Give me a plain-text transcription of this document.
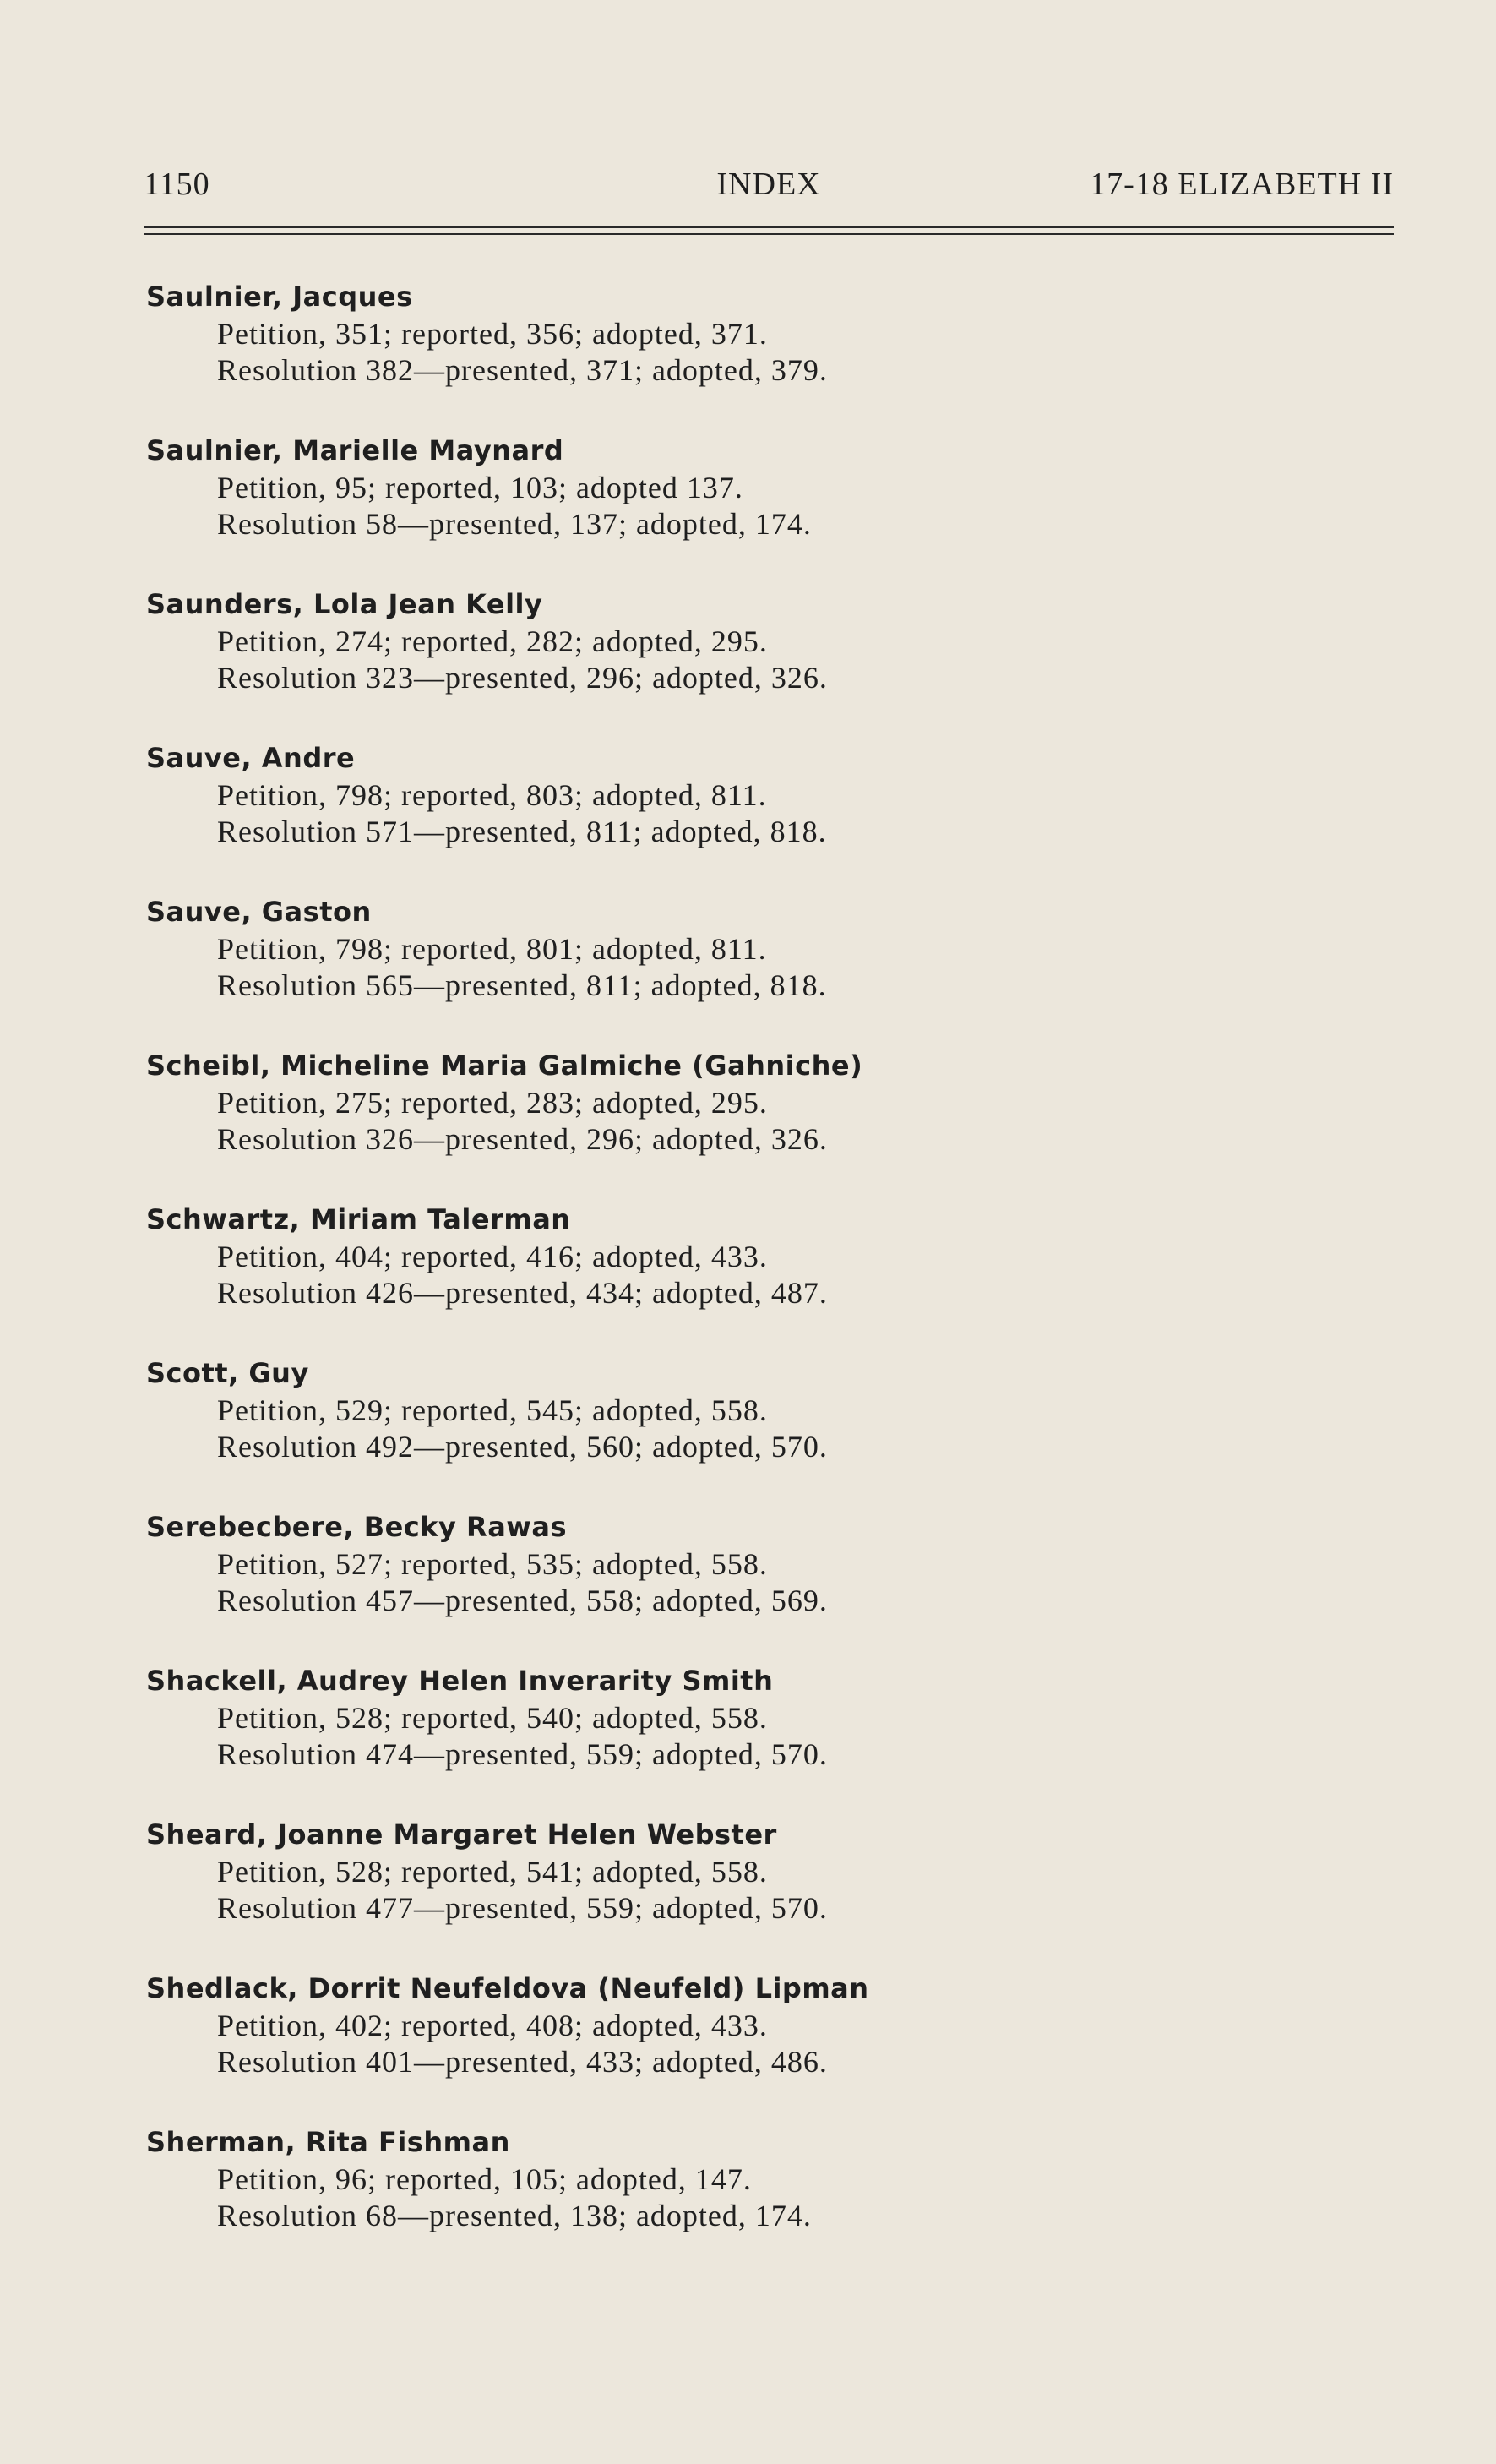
1150	INDEX	17-18 ELIZABETH II

Saulnier, Jacques

Petition, 351; reported, 356; adopted, 371.

Resolution 382—presented, 371; adopted, 379.

Saulnier, Marielle Maynard

Petition, 95; reported, 103; adopted 137.

Resolution 58—presented, 137; adopted, 174.

Saunders, Lola Jean Kelly

Petition, 274; reported, 282; adopted, 295.

Resolution 323—presented, 296; adopted, 326.

Sauve, Andre

Petition, 798; reported, 803; adopted, 811.

Resolution 571—presented, 811; adopted, 818.

Sauve, Gaston

Petition, 798; reported, 801; adopted, 811.

Resolution 565—presented, 811; adopted, 818.

Scheibl, Micheline Maria Galmiche (Gahniche)

Petition, 275; reported, 283; adopted, 295.

Resolution 326—presented, 296; adopted, 326.

Schwartz, Miriam Talerman

Petition, 404; reported, 416; adopted, 433.

Resolution 426—presented, 434; adopted, 487.

Scott, Guy

Petition, 529; reported, 545; adopted, 558.

Resolution 492—presented, 560; adopted, 570.

Serebecbere, Becky Rawas

Petition, 527; reported, 535; adopted, 558.

Resolution 457—presented, 558; adopted, 569.

Shackell, Audrey Helen Inverarity Smith

Petition, 528; reported, 540; adopted, 558.

Resolution 474—presented, 559; adopted, 570.

Sheard, Joanne Margaret Helen Webster

Petition, 528; reported, 541; adopted, 558.

Resolution 477—presented, 559; adopted, 570.

Shedlack, Dorrit Neufeldova (Neufeld) Lipman

Petition, 402; reported, 408; adopted, 433.

Resolution 401—presented, 433; adopted, 486.

Sherman, Rita Fishman

Petition, 96; reported, 105; adopted, 147.

Resolution 68—presented, 138; adopted, 174.
